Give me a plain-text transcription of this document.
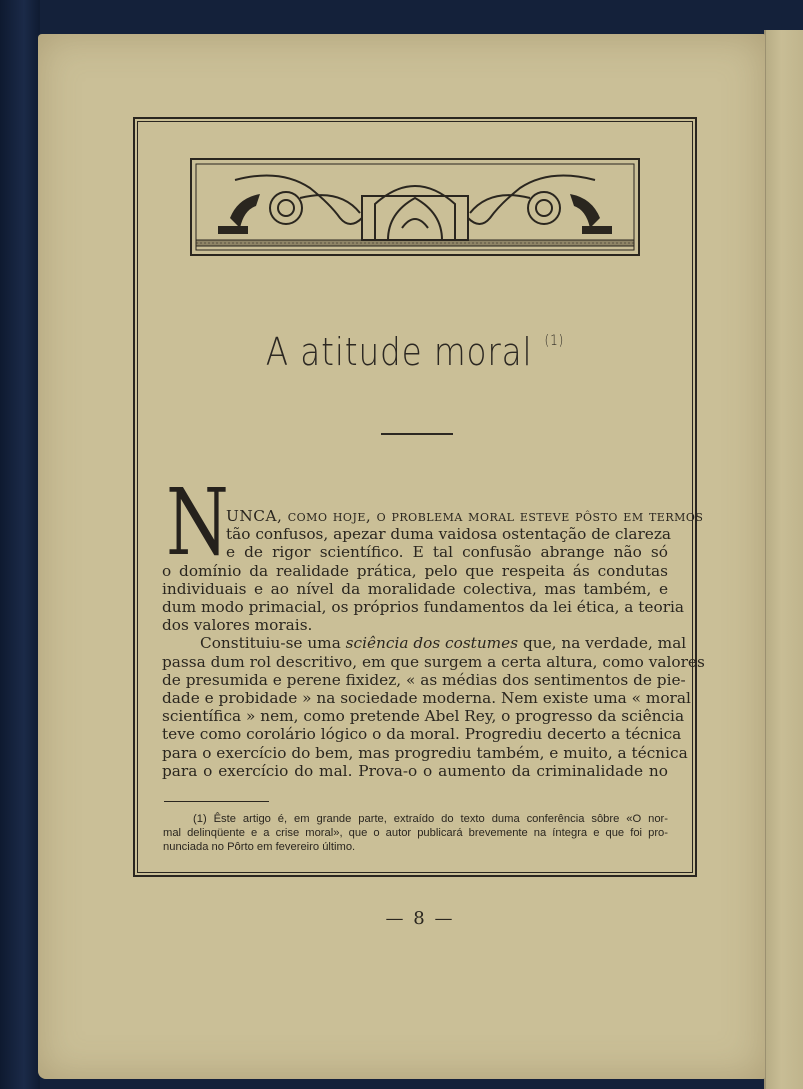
A atitude moral $^{(1)}$
N
UNCA, como hoje, o problema moral esteve pôsto em termos
tão confusos, apezar duma vaidosa ostentação de clareza
e de rigor scientífico. E tal confusão abrange não só
o domínio da realidade prática, pelo que respeita ás condutas
individuais e ao nível da moralidade colectiva, mas também, e
dum modo primacial, os próprios fundamentos da lei ética, a teoria
dos valores morais.
Constituiu-se uma sciência dos costumes que, na verdade, mal
passa dum rol descritivo, em que surgem a certa altura, como valores
de presumida e perene fixidez, « as médias dos sentimentos de pie-
dade e probidade » na sociedade moderna. Nem existe uma « moral
scientífica » nem, como pretende Abel Rey, o progresso da sciência
teve como corolário lógico o da moral. Progrediu decerto a técnica
para o exercício do bem, mas progrediu também, e muito, a técnica
para o exercício do mal. Prova-o o aumento da criminalidade no
(1) Êste artigo é, em grande parte, extraído do texto duma conferência sôbre «O nor-
mal delinqüente e a crise moral», que o autor publicará brevemente na íntegra e que foi pro-
nunciada no Pôrto em fevereiro último.
— 8 —
